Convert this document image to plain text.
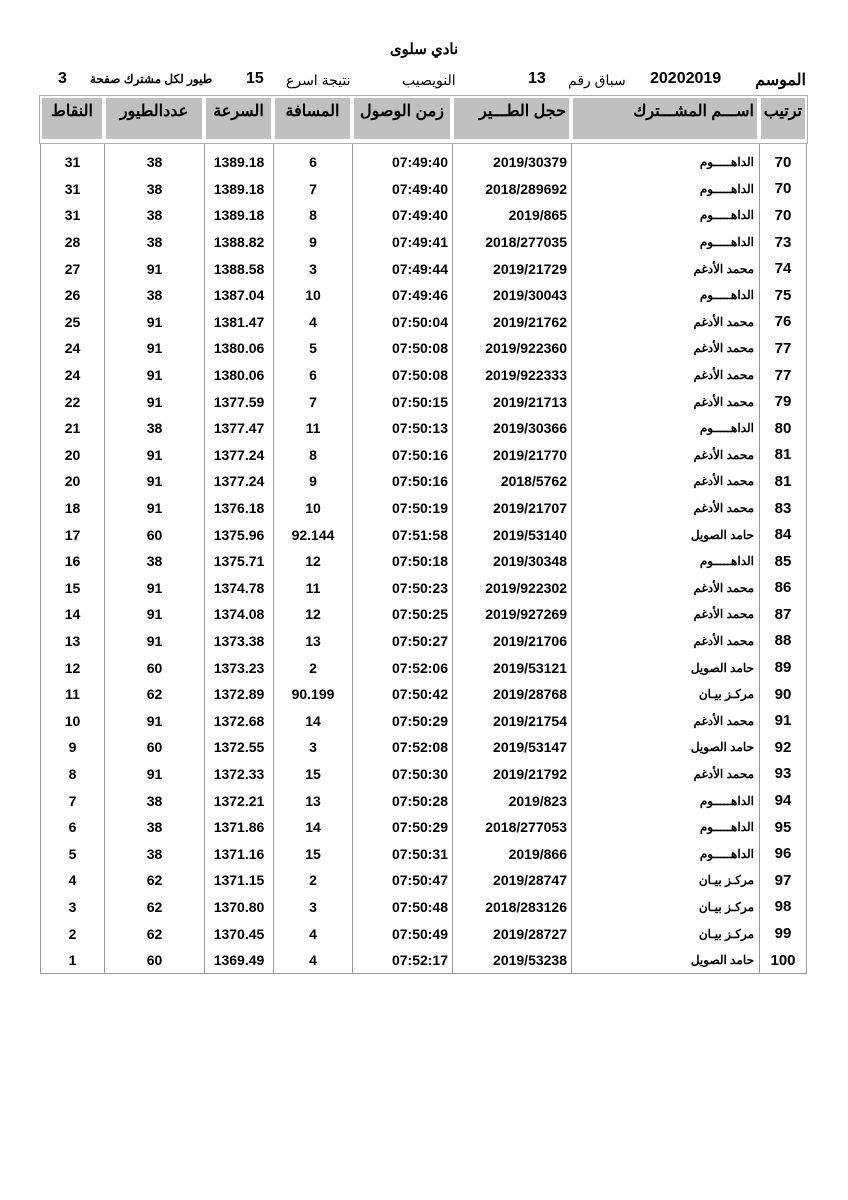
نادي سلوى
الموسم
20202019
سباق رقم
13
النويصيب
نتيجة اسرع
15
طيور لكل مشترك صفحة
3
النقاط	عددالطيور	السرعة	المسافة	زمن الوصول	حجل الطـــير	اســـم المشـــترك	ترتيب

31	38	1389.18	6	07:49:40	2019/30379	الداهـــــوم	70
31	38	1389.18	7	07:49:40	2018/289692	الداهـــــوم	70
31	38	1389.18	8	07:49:40	2019/865	الداهـــــوم	70
28	38	1388.82	9	07:49:41	2018/277035	الداهـــــوم	73
27	91	1388.58	3	07:49:44	2019/21729	محمد الأدغم	74
26	38	1387.04	10	07:49:46	2019/30043	الداهـــــوم	75
25	91	1381.47	4	07:50:04	2019/21762	محمد الأدغم	76
24	91	1380.06	5	07:50:08	2019/922360	محمد الأدغم	77
24	91	1380.06	6	07:50:08	2019/922333	محمد الأدغم	77
22	91	1377.59	7	07:50:15	2019/21713	محمد الأدغم	79
21	38	1377.47	11	07:50:13	2019/30366	الداهـــــوم	80
20	91	1377.24	8	07:50:16	2019/21770	محمد الأدغم	81
20	91	1377.24	9	07:50:16	2018/5762	محمد الأدغم	81
18	91	1376.18	10	07:50:19	2019/21707	محمد الأدغم	83
17	60	1375.96	92.144	07:51:58	2019/53140	حامد الصويل	84
16	38	1375.71	12	07:50:18	2019/30348	الداهـــــوم	85
15	91	1374.78	11	07:50:23	2019/922302	محمد الأدغم	86
14	91	1374.08	12	07:50:25	2019/927269	محمد الأدغم	87
13	91	1373.38	13	07:50:27	2019/21706	محمد الأدغم	88
12	60	1373.23	2	07:52:06	2019/53121	حامد الصويل	89
11	62	1372.89	90.199	07:50:42	2019/28768	مركـز بيـان	90
10	91	1372.68	14	07:50:29	2019/21754	محمد الأدغم	91
9	60	1372.55	3	07:52:08	2019/53147	حامد الصويل	92
8	91	1372.33	15	07:50:30	2019/21792	محمد الأدغم	93
7	38	1372.21	13	07:50:28	2019/823	الداهـــــوم	94
6	38	1371.86	14	07:50:29	2018/277053	الداهـــــوم	95
5	38	1371.16	15	07:50:31	2019/866	الداهـــــوم	96
4	62	1371.15	2	07:50:47	2019/28747	مركـز بيـان	97
3	62	1370.80	3	07:50:48	2018/283126	مركـز بيـان	98
2	62	1370.45	4	07:50:49	2019/28727	مركـز بيـان	99
1	60	1369.49	4	07:52:17	2019/53238	حامد الصويل	100
